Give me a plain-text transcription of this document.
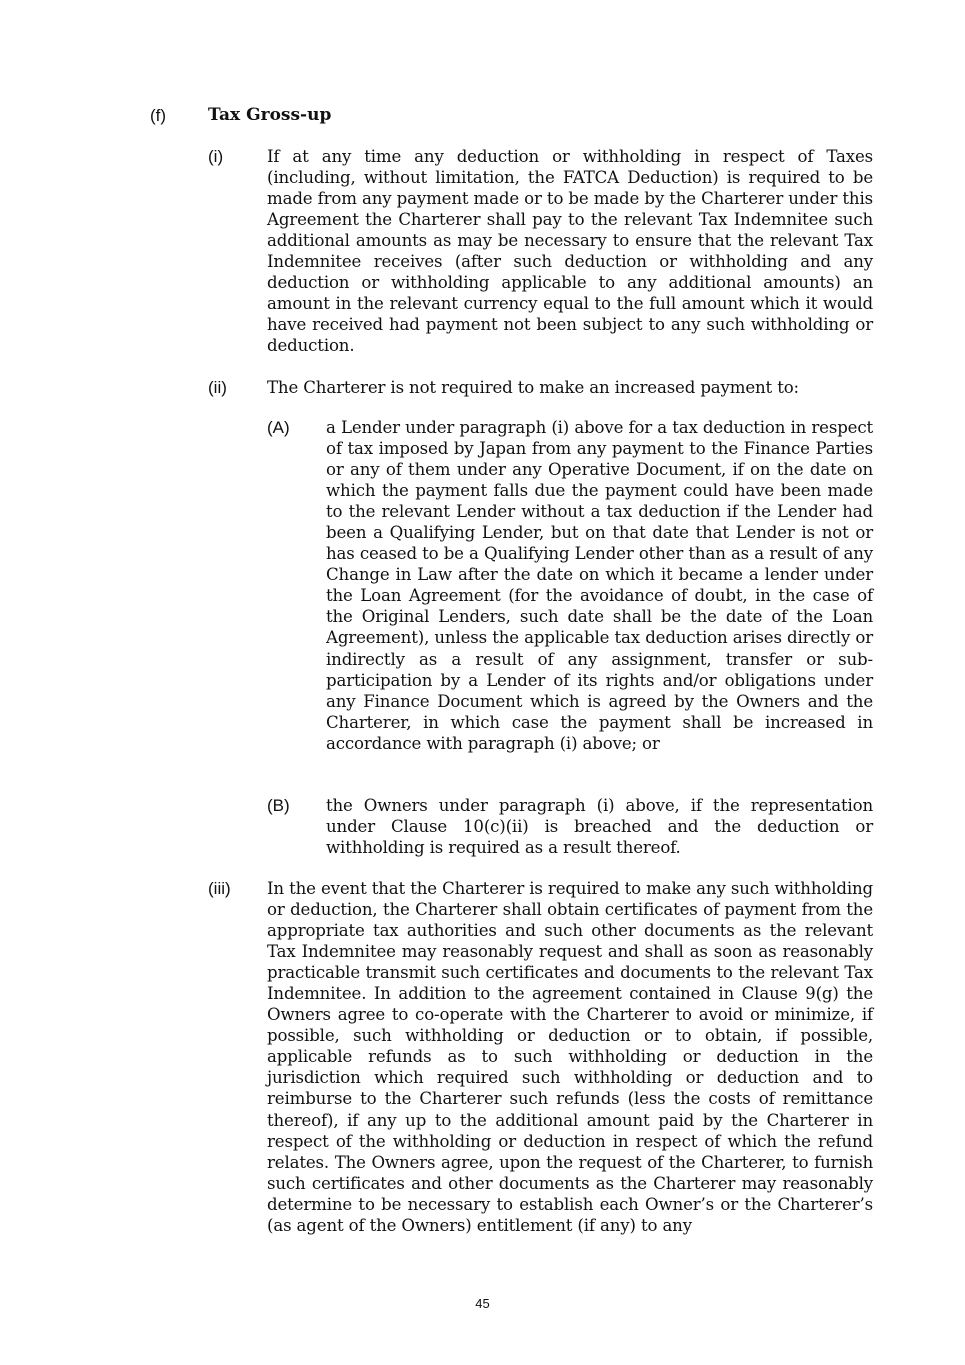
(f) Tax Gross-up
(i)	If at any time any deduction or withholding in respect of Taxes (including, without limitation, the FATCA Deduction) is required to be made from any payment made or to be made by the Charterer under this Agreement the Charterer shall pay to the relevant Tax Indemnitee such additional amounts as may be necessary to ensure that the relevant Tax Indemnitee receives (after such deduction or withholding and any deduction or withholding applicable to any additional amounts) an amount in the relevant currency equal to the full amount which it would have received had payment not been subject to any such withholding or deduction.
(ii) The Charterer is not required to make an increased payment to:
(A) a Lender under paragraph (i) above for a tax deduction in respect of tax imposed by Japan from any payment to the Finance Parties or any of them under any Operative Document, if on the date on which the payment falls due the payment could have been made to the relevant Lender without a tax deduction if the Lender had been a Qualifying Lender, but on that date that Lender is not or has ceased to be a Qualifying Lender other than as a result of any Change in Law after the date on which it became a lender under the Loan Agreement (for the avoidance of doubt, in the case of the Original Lenders, such date shall be the date of the Loan Agreement), unless the applicable tax deduction arises directly or indirectly as a result of any assignment, transfer or sub-participation by a Lender of its rights and/or obligations under any Finance Document which is agreed by the Owners and the Charterer, in which case the payment shall be increased in accordance with paragraph (i) above; or
(B) the Owners under paragraph (i) above, if the representation under Clause 10(c)(ii) is breached and the deduction or withholding is required as a result thereof.
(iii) In the event that the Charterer is required to make any such withholding or deduction, the Charterer shall obtain certificates of payment from the appropriate tax authorities and such other documents as the relevant Tax Indemnitee may reasonably request and shall as soon as reasonably practicable transmit such certificates and documents to the relevant Tax Indemnitee. In addition to the agreement contained in Clause 9(g) the Owners agree to co-operate with the Charterer to avoid or minimize, if possible, such withholding or deduction or to obtain, if possible, applicable refunds as to such withholding or deduction in the jurisdiction which required such withholding or deduction and to reimburse to the Charterer such refunds (less the costs of remittance thereof), if any up to the additional amount paid by the Charterer in respect of the withholding or deduction in respect of which the refund relates. The Owners agree, upon the request of the Charterer, to furnish such certificates and other documents as the Charterer may reasonably determine to be necessary to establish each Owner’s or the Charterer’s (as agent of the Owners) entitlement (if any) to any
45
